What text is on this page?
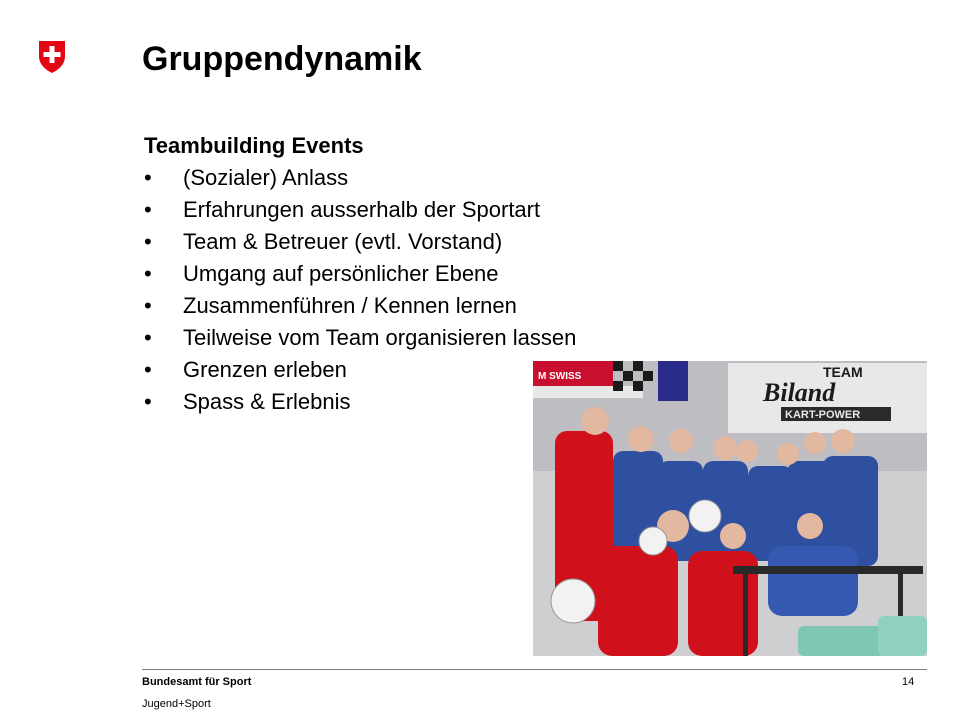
Gruppendynamik

Teambuilding Events

• (Sozialer) Anlass
• Erfahrungen ausserhalb der Sportart
• Team & Betreuer (evtl. Vorstand)
• Umgang auf persönlicher Ebene
• Zusammenführen / Kennen lernen
• Teilweise vom Team organisieren lassen
• Grenzen erleben
• Spass & Erlebnis
TEAM
Biland
KART-POWER
M SWISS
Bundesamt für Sport
Jugend+Sport
14
